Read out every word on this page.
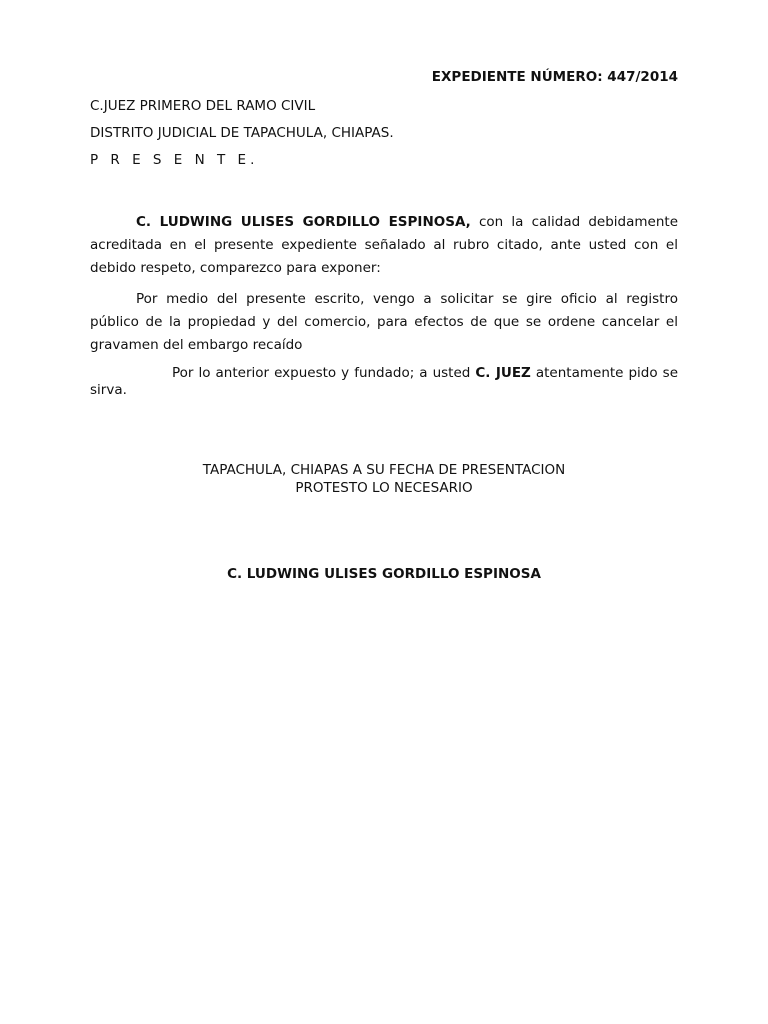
EXPEDIENTE NÚMERO: 447/2014
C.JUEZ PRIMERO DEL RAMO CIVIL
DISTRITO JUDICIAL DE TAPACHULA, CHIAPAS.
P R E S E N T E.

C. LUDWING ULISES GORDILLO ESPINOSA, con la calidad debidamente acreditada en el presente expediente señalado al rubro citado, ante usted con el debido respeto, comparezco para exponer:

Por medio del presente escrito, vengo a solicitar se gire oficio al registro público de la propiedad y del comercio, para efectos de que se ordene cancelar el gravamen del embargo recaído

Por lo anterior expuesto y fundado; a usted C. JUEZ atentamente pido se sirva.

TAPACHULA, CHIAPAS A SU FECHA DE PRESENTACION
PROTESTO LO NECESARIO
C. LUDWING ULISES GORDILLO ESPINOSA
